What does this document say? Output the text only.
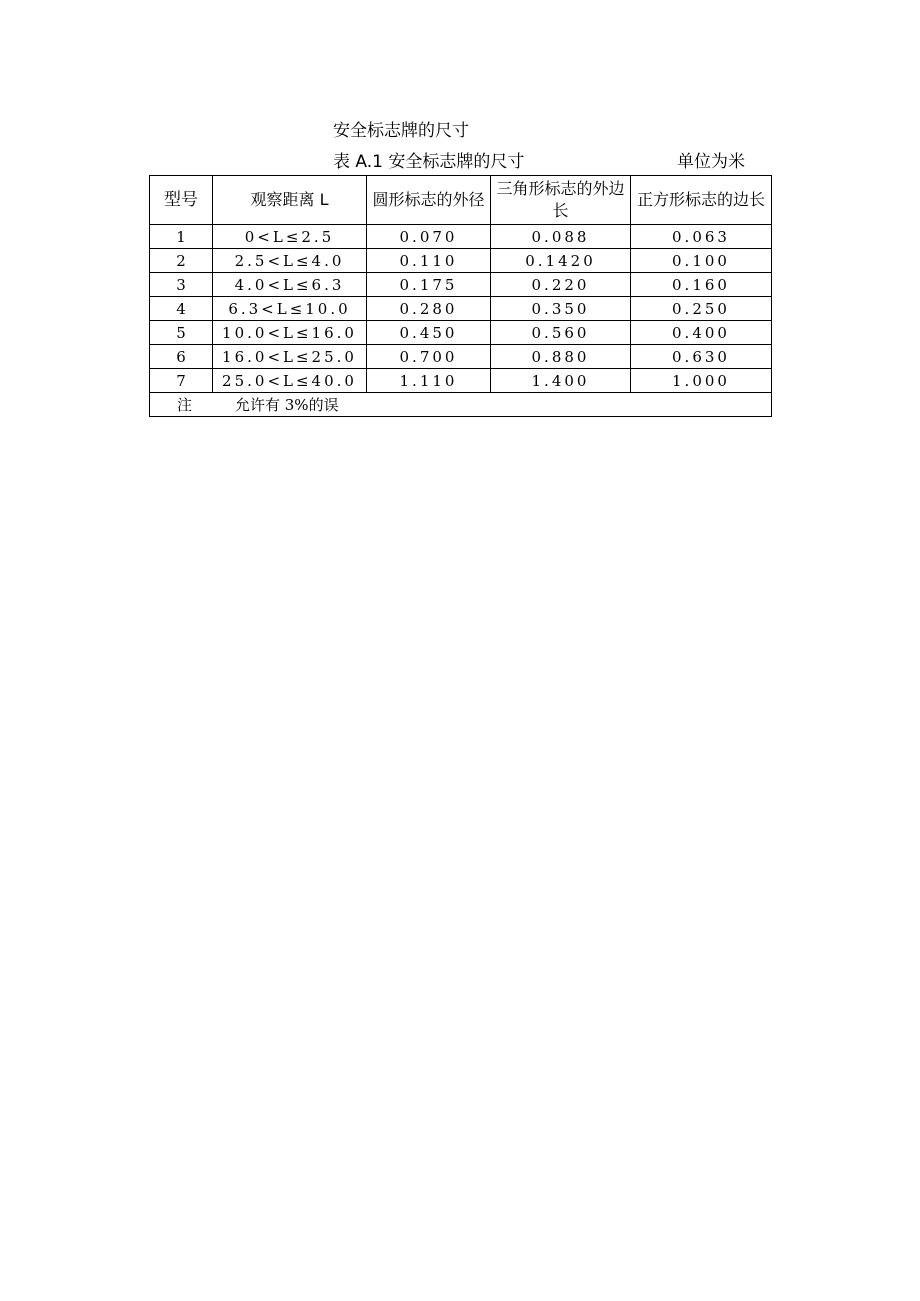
安全标志牌的尺寸
表 A.1 安全标志牌的尺寸	单位为米
型号	观察距离 L	圆形标志的外径	三角形标志的外边长	正方形标志的边长
1	0<L≤2.5	0.070	0.088	0.063
2	2.5<L≤4.0	0.110	0.1420	0.100
3	4.0<L≤6.3	0.175	0.220	0.160
4	6.3<L≤10.0	0.280	0.350	0.250
5	10.0<L≤16.0	0.450	0.560	0.400
6	16.0<L≤25.0	0.700	0.880	0.630
7	25.0<L≤40.0	1.110	1.400	1.000
注 允许有 3%的误				
